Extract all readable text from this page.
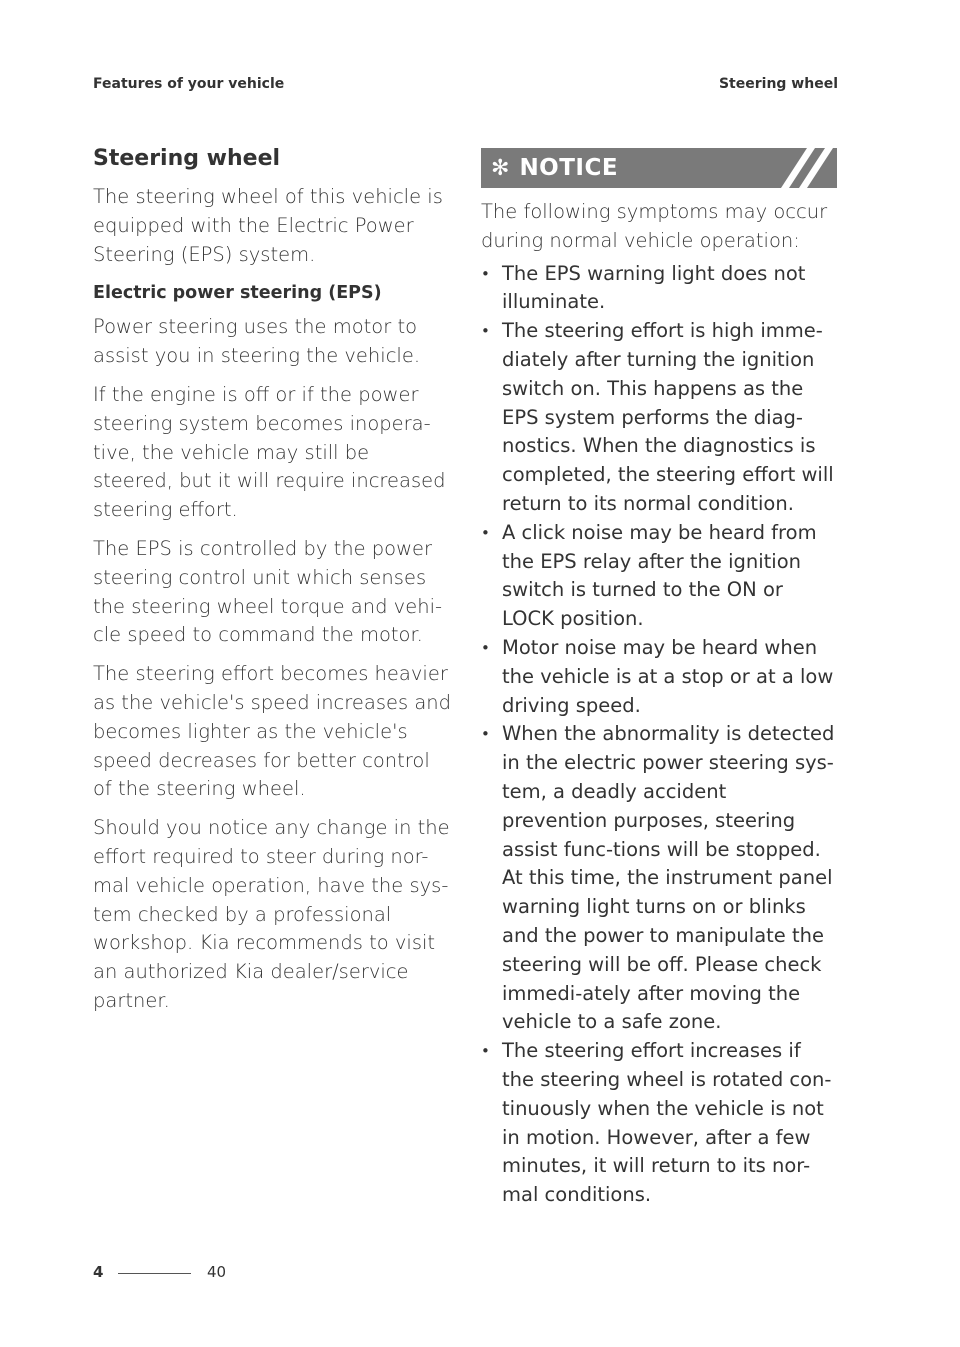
Features of your vehicle	Steering wheel
Steering wheel
The steering wheel of this vehicle is equipped with the Electric Power Steering (EPS) system.
Electric power steering (EPS)
Power steering uses the motor to assist you in steering the vehicle.
If the engine is off or if the power steering system becomes inopera-tive, the vehicle may still be steered, but it will require increased steering effort.
The EPS is controlled by the power steering control unit which senses the steering wheel torque and vehi-cle speed to command the motor.
The steering effort becomes heavier as the vehicle's speed increases and becomes lighter as the vehicle's speed decreases for better control of the steering wheel.
Should you notice any change in the effort required to steer during nor-mal vehicle operation, have the sys-tem checked by a professional workshop. Kia recommends to visit an authorized Kia dealer/service partner.
✻ NOTICE
The following symptoms may occur during normal vehicle operation:
• The EPS warning light does not illuminate.
• The steering effort is high imme-diately after turning the ignition switch on. This happens as the EPS system performs the diag-nostics. When the diagnostics is completed, the steering effort will return to its normal condition.
• A click noise may be heard from the EPS relay after the ignition switch is turned to the ON or LOCK position.
• Motor noise may be heard when the vehicle is at a stop or at a low driving speed.
• When the abnormality is detected in the electric power steering sys-tem, a deadly accident prevention purposes, steering assist func-tions will be stopped. At this time, the instrument panel warning light turns on or blinks and the power to manipulate the steering will be off. Please check immedi-ately after moving the vehicle to a safe zone.
• The steering effort increases if the steering wheel is rotated con-tinuously when the vehicle is not in motion. However, after a few minutes, it will return to its nor-mal conditions.
4	40
